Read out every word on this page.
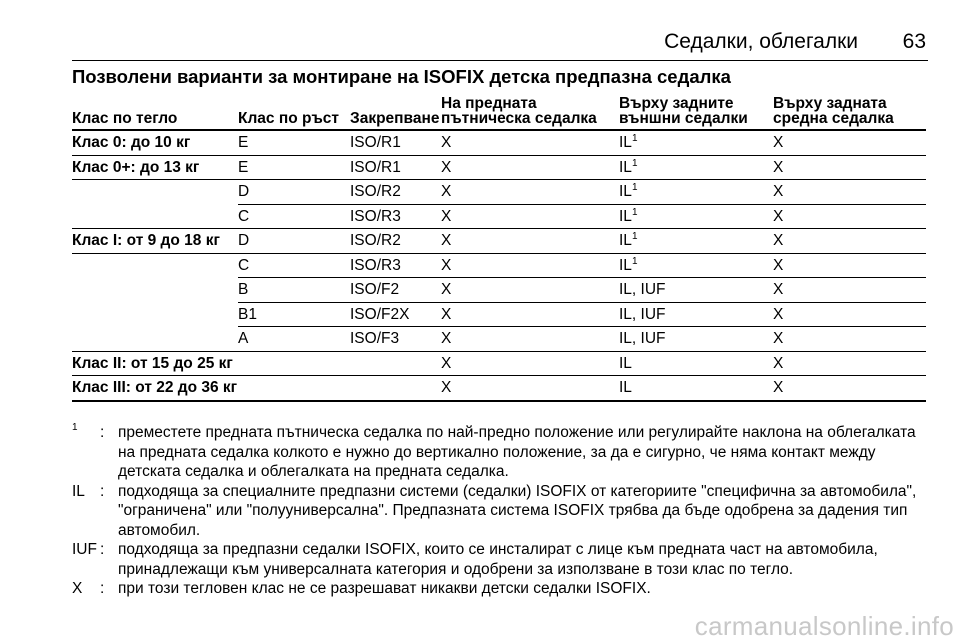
Седалки, облегалки 63
Позволени варианти за монтиране на ISOFIX детска предпазна седалка
Клас по тегло	Клас по ръст	Закрепване	На предната пътническа седалка	Върху задните външни седалки	Върху задната средна седалка
Клас 0: до 10 кг	E	ISO/R1	X	$IL^1$	X
Клас 0+: до 13 кг	E	ISO/R1	X	$IL^1$	X
	D	ISO/R2	X	$IL^1$	X
	C	ISO/R3	X	$IL^1$	X
Клас I: от 9 до 18 кг	D	ISO/R2	X	$IL^1$	X
	C	ISO/R3	X	$IL^1$	X
	B	ISO/F2	X	IL, IUF	X
	B1	ISO/F2X	X	IL, IUF	X
	A	ISO/F3	X	IL, IUF	X
Клас II: от 15 до 25 кг			X	IL	X
Клас III: от 22 до 36 кг			X	IL	X
$^1$	: преместете предната пътническа седалка по най-предно положение или регулирайте наклона на облегалката на предната седалка колкото е нужно до вертикално положение, за да е сигурно, че няма контакт между детската седалка и облегалката на предната седалка.
IL : подходяща за специалните предпазни системи (седалки) ISOFIX от категориите "специфична за автомобила", "ограничена" или "полууниверсална". Предпазната система ISOFIX трябва да бъде одобрена за дадения тип автомобил.
IUF : подходяща за предпазни седалки ISOFIX, които се инсталират с лице към предната част на автомобила, принадлежащи към универсалната категория и одобрени за използване в този клас по тегло.
X	: при този тегловен клас не се разрешават никакви детски седалки ISOFIX.
carmanualsonline.info
